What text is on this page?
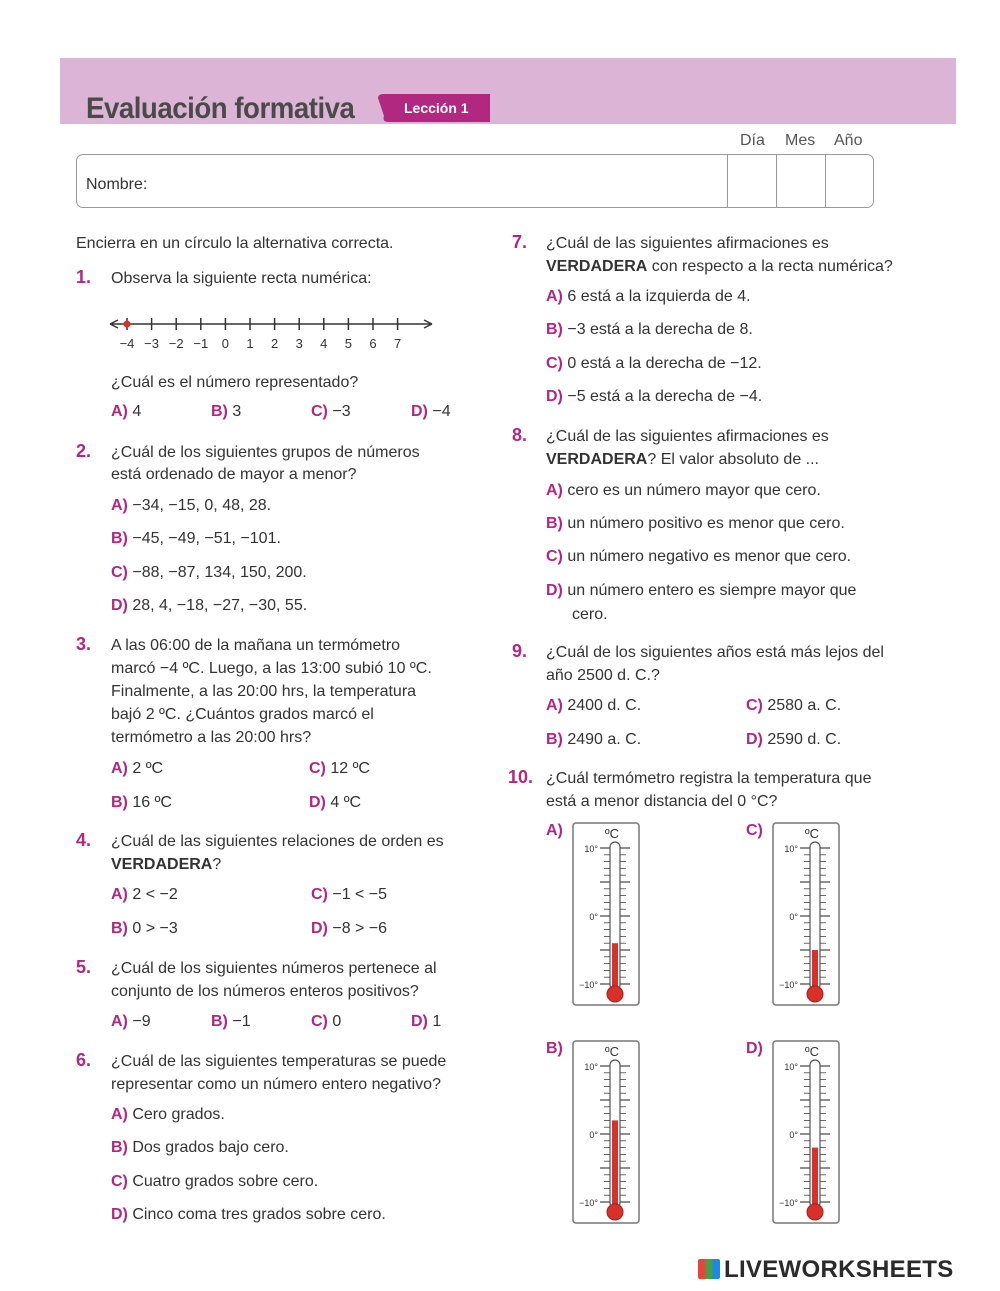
Evaluación formativa	Lección 1
Día Mes Año
Nombre:
Encierra en un círculo la alternativa correcta.
1. Observa la siguiente recta numérica:
−4 −3 −2 −1 0 1 2 3 4 5 6 7
¿Cuál es el número representado?
A) 4	B) 3	C) −3	D) −4
2. ¿Cuál de los siguientes grupos de números
está ordenado de mayor a menor?
A) −34, −15, 0, 48, 28.
B) −45, −49, −51, −101.
C) −88, −87, 134, 150, 200.
D) 28, 4, −18, −27, −30, 55.
3. A las 06:00 de la mañana un termómetro
marcó −4 ºC. Luego, a las 13:00 subió 10 ºC.
Finalmente, a las 20:00 hrs, la temperatura
bajó 2 ºC. ¿Cuántos grados marcó el
termómetro a las 20:00 hrs?
A) 2 ºC	C) 12 ºC
B) 16 ºC	D) 4 ºC
4. ¿Cuál de las siguientes relaciones de orden es
VERDADERA?
A) 2 < −2	C) −1 < −5
B) 0 > −3	D) −8 > −6
5. ¿Cuál de los siguientes números pertenece al
conjunto de los números enteros positivos?
A) −9	B) −1	C) 0	D) 1
6. ¿Cuál de las siguientes temperaturas se puede
representar como un número entero negativo?
A) Cero grados.
B) Dos grados bajo cero.
C) Cuatro grados sobre cero.
D) Cinco coma tres grados sobre cero.
7. ¿Cuál de las siguientes afirmaciones es
VERDADERA con respecto a la recta numérica?
A) 6 está a la izquierda de 4.
B) −3 está a la derecha de 8.
C) 0 está a la derecha de −12.
D) −5 está a la derecha de −4.
8. ¿Cuál de las siguientes afirmaciones es
VERDADERA? El valor absoluto de ...
A) cero es un número mayor que cero.
B) un número positivo es menor que cero.
C) un número negativo es menor que cero.
D) un número entero es siempre mayor que
cero.
9. ¿Cuál de los siguientes años está más lejos del
año 2500 d. C.?
A) 2400 d. C.	C) 2580 a. C.
B) 2490 a. C.	D) 2590 d. C.
10. ¿Cuál termómetro registra la temperatura que
está a menor distancia del 0 °C?
A)	C)
B)	D)
ºC
10°
0°
−10°
ºC
10°
0°
−10°
ºC
10°
0°
−10°
ºC
10°
0°
−10°
LIVEWORKSHEETS
